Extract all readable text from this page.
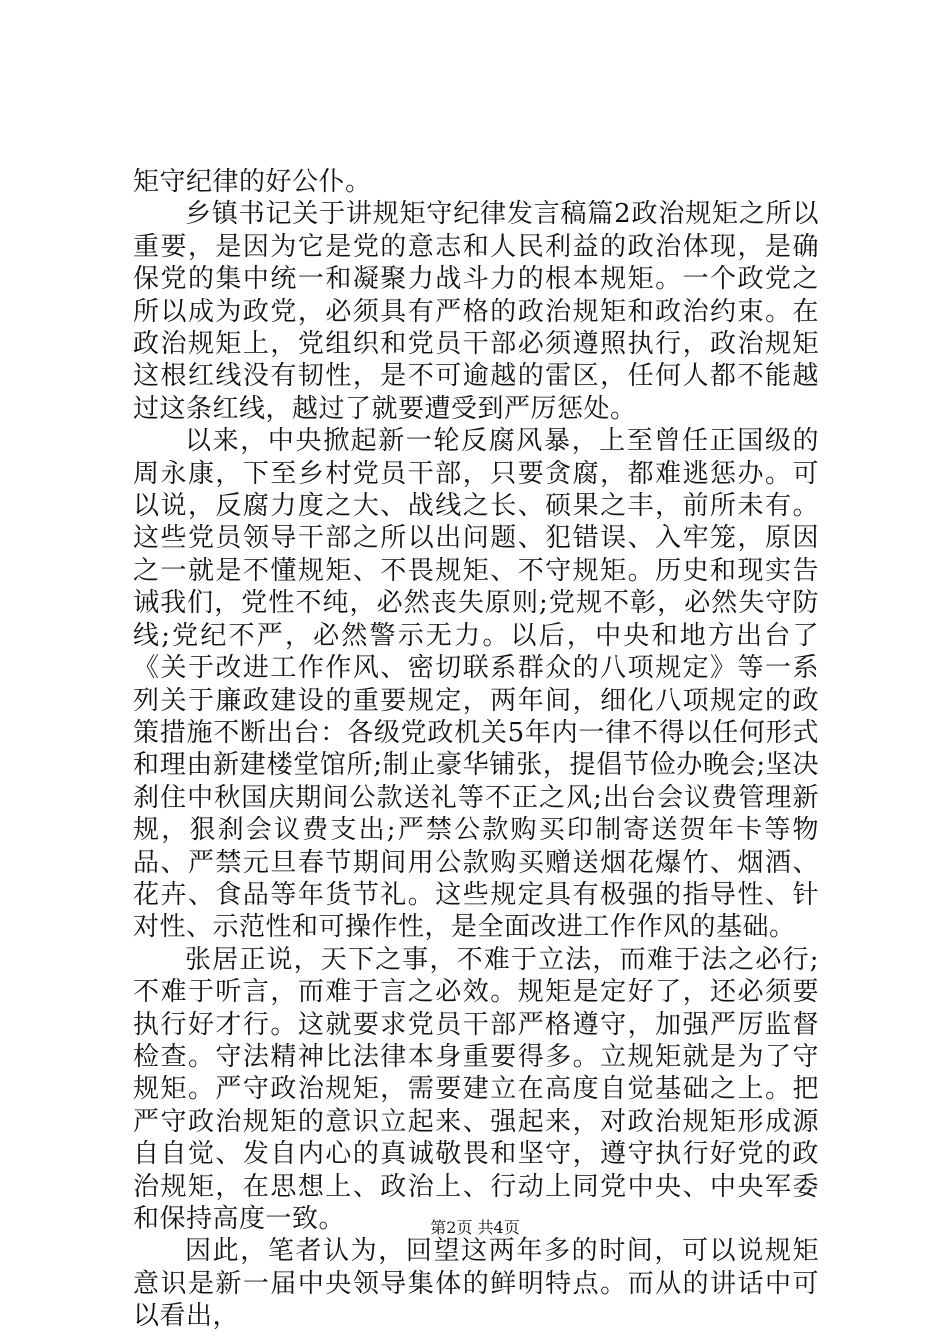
矩守纪律的好公仆。

乡镇书记关于讲规矩守纪律发言稿篇2政治规矩之所以重要，是因为它是党的意志和人民利益的政治体现，是确保党的集中统一和凝聚力战斗力的根本规矩。一个政党之所以成为政党，必须具有严格的政治规矩和政治约束。在政治规矩上，党组织和党员干部必须遵照执行，政治规矩这根红线没有韧性，是不可逾越的雷区，任何人都不能越过这条红线，越过了就要遭受到严厉惩处。

以来，中央掀起新一轮反腐风暴，上至曾任正国级的周永康，下至乡村党员干部，只要贪腐，都难逃惩办。可以说，反腐力度之大、战线之长、硕果之丰，前所未有。这些党员领导干部之所以出问题、犯错误、入牢笼，原因之一就是不懂规矩、不畏规矩、不守规矩。历史和现实告诫我们，党性不纯，必然丧失原则;党规不彰，必然失守防线;党纪不严，必然警示无力。以后，中央和地方出台了《关于改进工作作风、密切联系群众的八项规定》等一系列关于廉政建设的重要规定，两年间，细化八项规定的政策措施不断出台：各级党政机关5年内一律不得以任何形式和理由新建楼堂馆所;制止豪华铺张，提倡节俭办晚会;坚决刹住中秋国庆期间公款送礼等不正之风;出台会议费管理新规，狠刹会议费支出;严禁公款购买印制寄送贺年卡等物品、严禁元旦春节期间用公款购买赠送烟花爆竹、烟酒、花卉、食品等年货节礼。这些规定具有极强的指导性、针对性、示范性和可操作性，是全面改进工作作风的基础。

张居正说，天下之事，不难于立法，而难于法之必行;不难于听言，而难于言之必效。规矩是定好了，还必须要执行好才行。这就要求党员干部严格遵守，加强严厉监督检查。守法精神比法律本身重要得多。立规矩就是为了守规矩。严守政治规矩，需要建立在高度自觉基础之上。把严守政治规矩的意识立起来、强起来，对政治规矩形成源自自觉、发自内心的真诚敬畏和坚守，遵守执行好党的政治规矩，在思想上、政治上、行动上同党中央、中央军委和保持高度一致。

因此，笔者认为，回望这两年多的时间，可以说规矩意识是新一届中央领导集体的鲜明特点。而从的讲话中可以看出，

第2页 共4页
